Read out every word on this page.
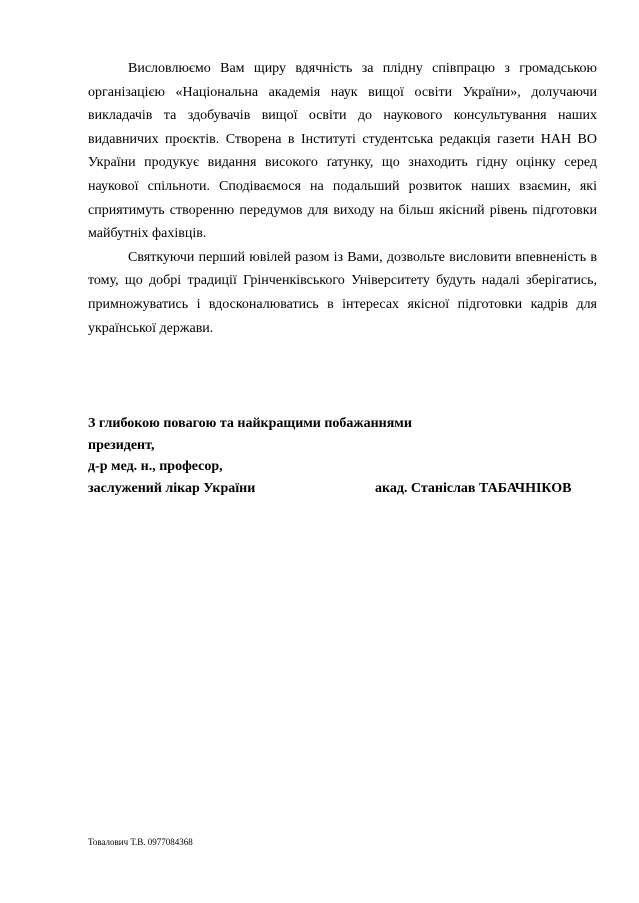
Висловлюємо Вам щиру вдячність за плідну співпрацю з громадською організацією «Національна академія наук вищої освіти України», долучаючи викладачів та здобувачів вищої освіти до наукового консультування наших видавничих проєктів. Створена в Інституті студентська редакція газети НАН ВО України продукує видання високого ґатунку, що знаходить гідну оцінку серед наукової спільноти. Сподіваємося на подальший розвиток наших взаємин, які сприятимуть створенню передумов для виходу на більш якісний рівень підготовки майбутніх фахівців.

Святкуючи перший ювілей разом із Вами, дозвольте висловити впевненість в тому, що добрі традиції Грінченківського Університету будуть надалі зберігатись, примножуватись і вдосконалюватись в інтересах якісної підготовки кадрів для української держави.

З глибокою повагою та найкращими побажаннями
президент,
д-р мед. н., професор,
заслужений лікар України	акад. Станіслав ТАБАЧНІКОВ
Товалович Т.В. 0977084368
